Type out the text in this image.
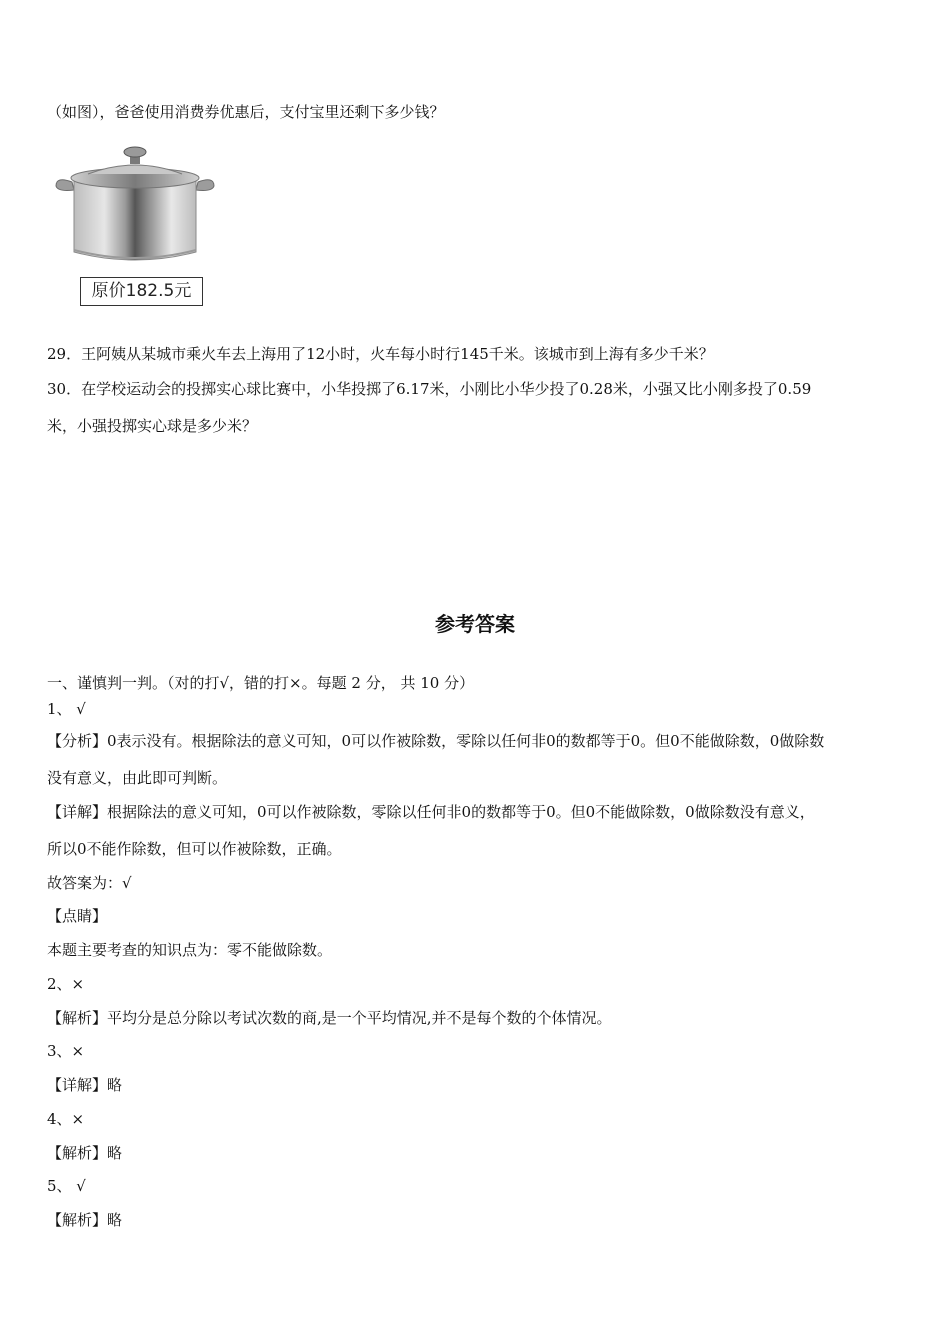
（如图），爸爸使用消费券优惠后，支付宝里还剩下多少钱？
原价182.5元
29．王阿姨从某城市乘火车去上海用了12小时，火车每小时行145千米。该城市到上海有多少千米？
30．在学校运动会的投掷实心球比赛中，小华投掷了6.17米，小刚比小华少投了0.28米，小强又比小刚多投了0.59
米，小强投掷实心球是多少米？
参考答案
一、谨慎判一判。（对的打√，错的打×。每题 2 分， 共 10 分）
1、 √
【分析】0表示没有。根据除法的意义可知，0可以作被除数，零除以任何非0的数都等于0。但0不能做除数，0做除数
没有意义，由此即可判断。
【详解】根据除法的意义可知，0可以作被除数，零除以任何非0的数都等于0。但0不能做除数，0做除数没有意义，
所以0不能作除数，但可以作被除数，正确。
故答案为：√
【点睛】
本题主要考查的知识点为：零不能做除数。
2、×
【解析】平均分是总分除以考试次数的商,是一个平均情况,并不是每个数的个体情况。
3、×
【详解】略
4、×
【解析】略
5、 √
【解析】略
